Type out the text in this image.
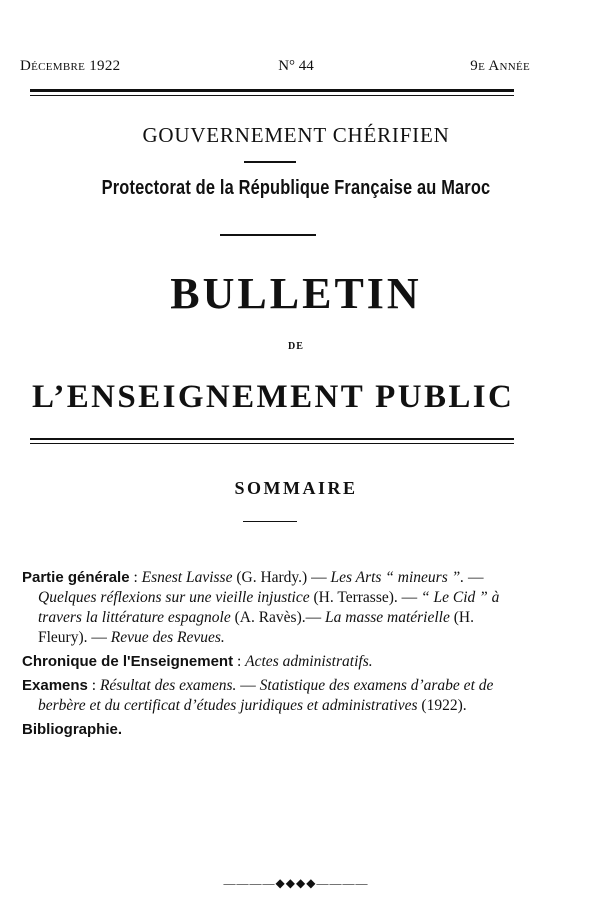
Décembre 1922	N° 44	9e Année
GOUVERNEMENT CHÉRIFIEN
Protectorat de la République Française au Maroc
BULLETIN
DE
L’ENSEIGNEMENT PUBLIC
SOMMAIRE

Partie générale : Esnest Lavisse (G. Hardy.) — Les Arts “ mineurs ”. — Quelques réflexions sur une vieille injustice (H. Terrasse). — “ Le Cid ” à travers la littérature espagnole (A. Ravès).— La masse matérielle (H. Fleury). — Revue des Revues.

Chronique de l'Enseignement : Actes administratifs.

Examens : Résultat des examens. — Statistique des examens d’arabe et de berbère et du certificat d’études juridiques et administratives (1922).

Bibliographie.

————◆◆◆◆————
